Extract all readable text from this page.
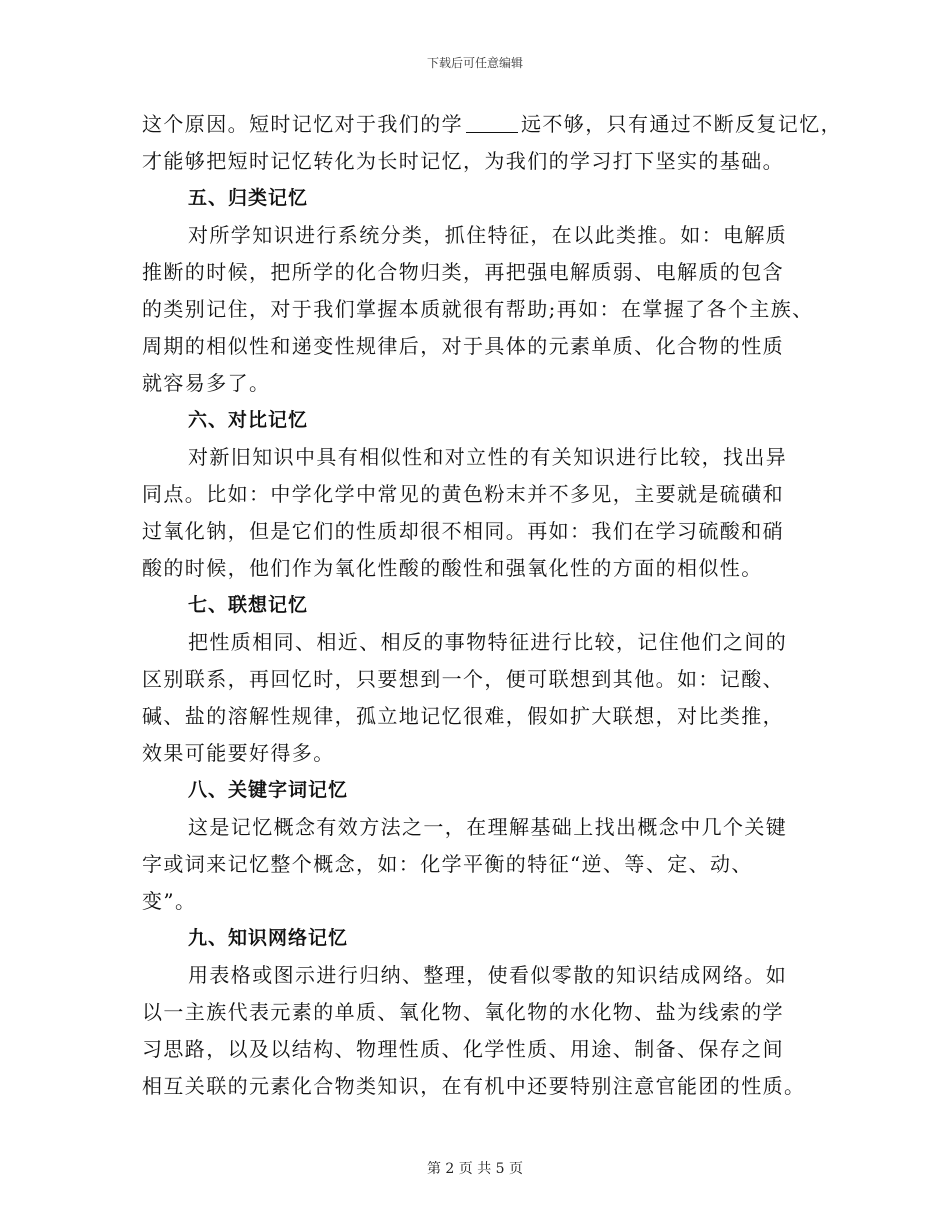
下载后可任意编辑
这个原因。短时记忆对于我们的学	远不够，只有通过不断反复记忆，
才能够把短时记忆转化为长时记忆，为我们的学习打下坚实的基础。
五、归类记忆
对所学知识进行系统分类，抓住特征，在以此类推。如：电解质
推断的时候，把所学的化合物归类，再把强电解质弱、电解质的包含
的类别记住，对于我们掌握本质就很有帮助;再如：在掌握了各个主族、
周期的相似性和递变性规律后，对于具体的元素单质、化合物的性质
就容易多了。
六、对比记忆
对新旧知识中具有相似性和对立性的有关知识进行比较，找出异
同点。比如：中学化学中常见的黄色粉末并不多见，主要就是硫磺和
过氧化钠，但是它们的性质却很不相同。再如：我们在学习硫酸和硝
酸的时候，他们作为氧化性酸的酸性和强氧化性的方面的相似性。
七、联想记忆
把性质相同、相近、相反的事物特征进行比较，记住他们之间的
区别联系，再回忆时，只要想到一个，便可联想到其他。如：记酸、
碱、盐的溶解性规律，孤立地记忆很难，假如扩大联想，对比类推，
效果可能要好得多。
八、关键字词记忆
这是记忆概念有效方法之一，在理解基础上找出概念中几个关键
字或词来记忆整个概念，如：化学平衡的特征“逆、等、定、动、
变”。
九、知识网络记忆
用表格或图示进行归纳、整理，使看似零散的知识结成网络。如
以一主族代表元素的单质、氧化物、氧化物的水化物、盐为线索的学
习思路，以及以结构、物理性质、化学性质、用途、制备、保存之间
相互关联的元素化合物类知识，在有机中还要特别注意官能团的性质。
第 2 页 共 5 页
